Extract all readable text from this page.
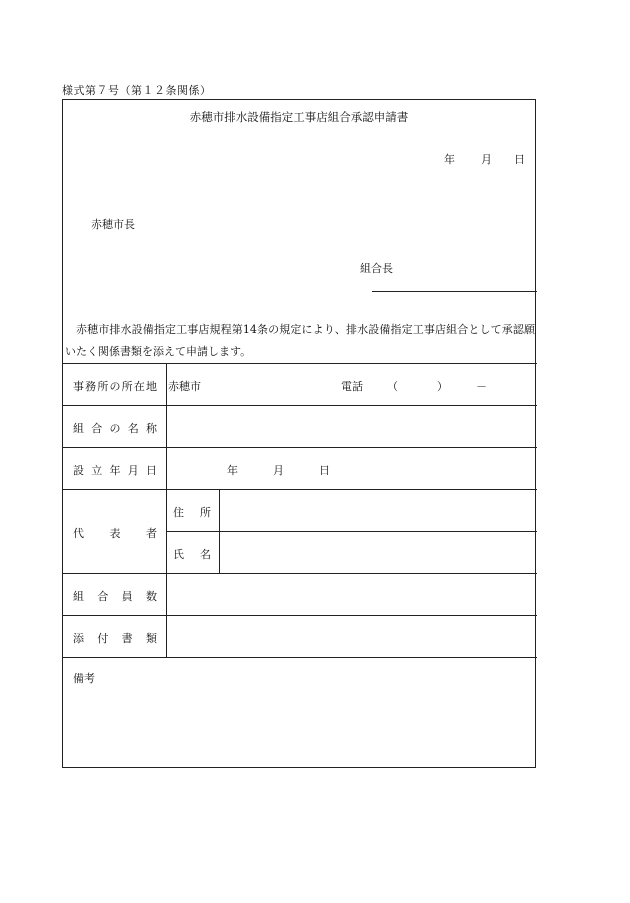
様式第７号（第１２条関係）
赤穂市排水設備指定工事店組合承認申請書
年 月 日
赤穂市長
組合長
赤穂市排水設備指定工事店規程第14条の規定により、排水設備指定工事店組合として承認願いたく関係書類を添えて申請します。
事務所の所在地 赤穂市	電話 （	）	－
組合の名称
設立年月日	年	月	日
代表者
住所
氏名
組合員数
添付書類
備考
